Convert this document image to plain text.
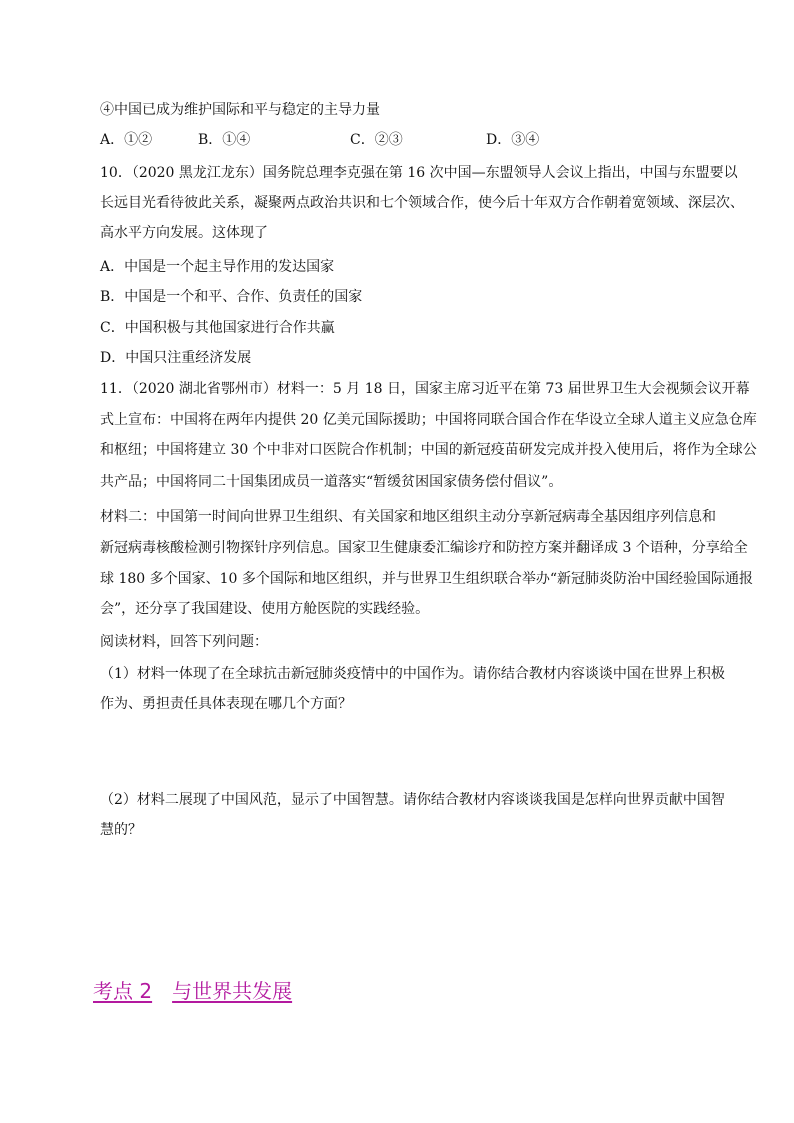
④中国已成为维护国际和平与稳定的主导力量
A．①②	B．①④	C．②③	D．③④
10．（2020 黑龙江龙东）国务院总理李克强在第 16 次中国—东盟领导人会议上指出，中国与东盟要以
长远目光看待彼此关系，凝聚两点政治共识和七个领域合作，使今后十年双方合作朝着宽领域、深层次、
高水平方向发展。这体现了
A．中国是一个起主导作用的发达国家
B．中国是一个和平、合作、负责任的国家
C．中国积极与其他国家进行合作共赢
D．中国只注重经济发展
11．（2020 湖北省鄂州市）材料一：5 月 18 日，国家主席习近平在第 73 届世界卫生大会视频会议开幕
式上宣布：中国将在两年内提供 20 亿美元国际援助；中国将同联合国合作在华设立全球人道主义应急仓库
和枢纽；中国将建立 30 个中非对口医院合作机制；中国的新冠疫苗研发完成并投入使用后，将作为全球公
共产品；中国将同二十国集团成员一道落实“暂缓贫困国家债务偿付倡议”。
材料二：中国第一时间向世界卫生组织、有关国家和地区组织主动分享新冠病毒全基因组序列信息和
新冠病毒核酸检测引物探针序列信息。国家卫生健康委汇编诊疗和防控方案并翻译成 3 个语种，分享给全
球 180 多个国家、10 多个国际和地区组织，并与世界卫生组织联合举办“新冠肺炎防治中国经验国际通报
会”，还分享了我国建设、使用方舱医院的实践经验。
阅读材料，回答下列问题：
（1）材料一体现了在全球抗击新冠肺炎疫情中的中国作为。请你结合教材内容谈谈中国在世界上积极
作为、勇担责任具体表现在哪几个方面？
（2）材料二展现了中国风范，显示了中国智慧。请你结合教材内容谈谈我国是怎样向世界贡献中国智
慧的？
考点 2 与世界共发展
